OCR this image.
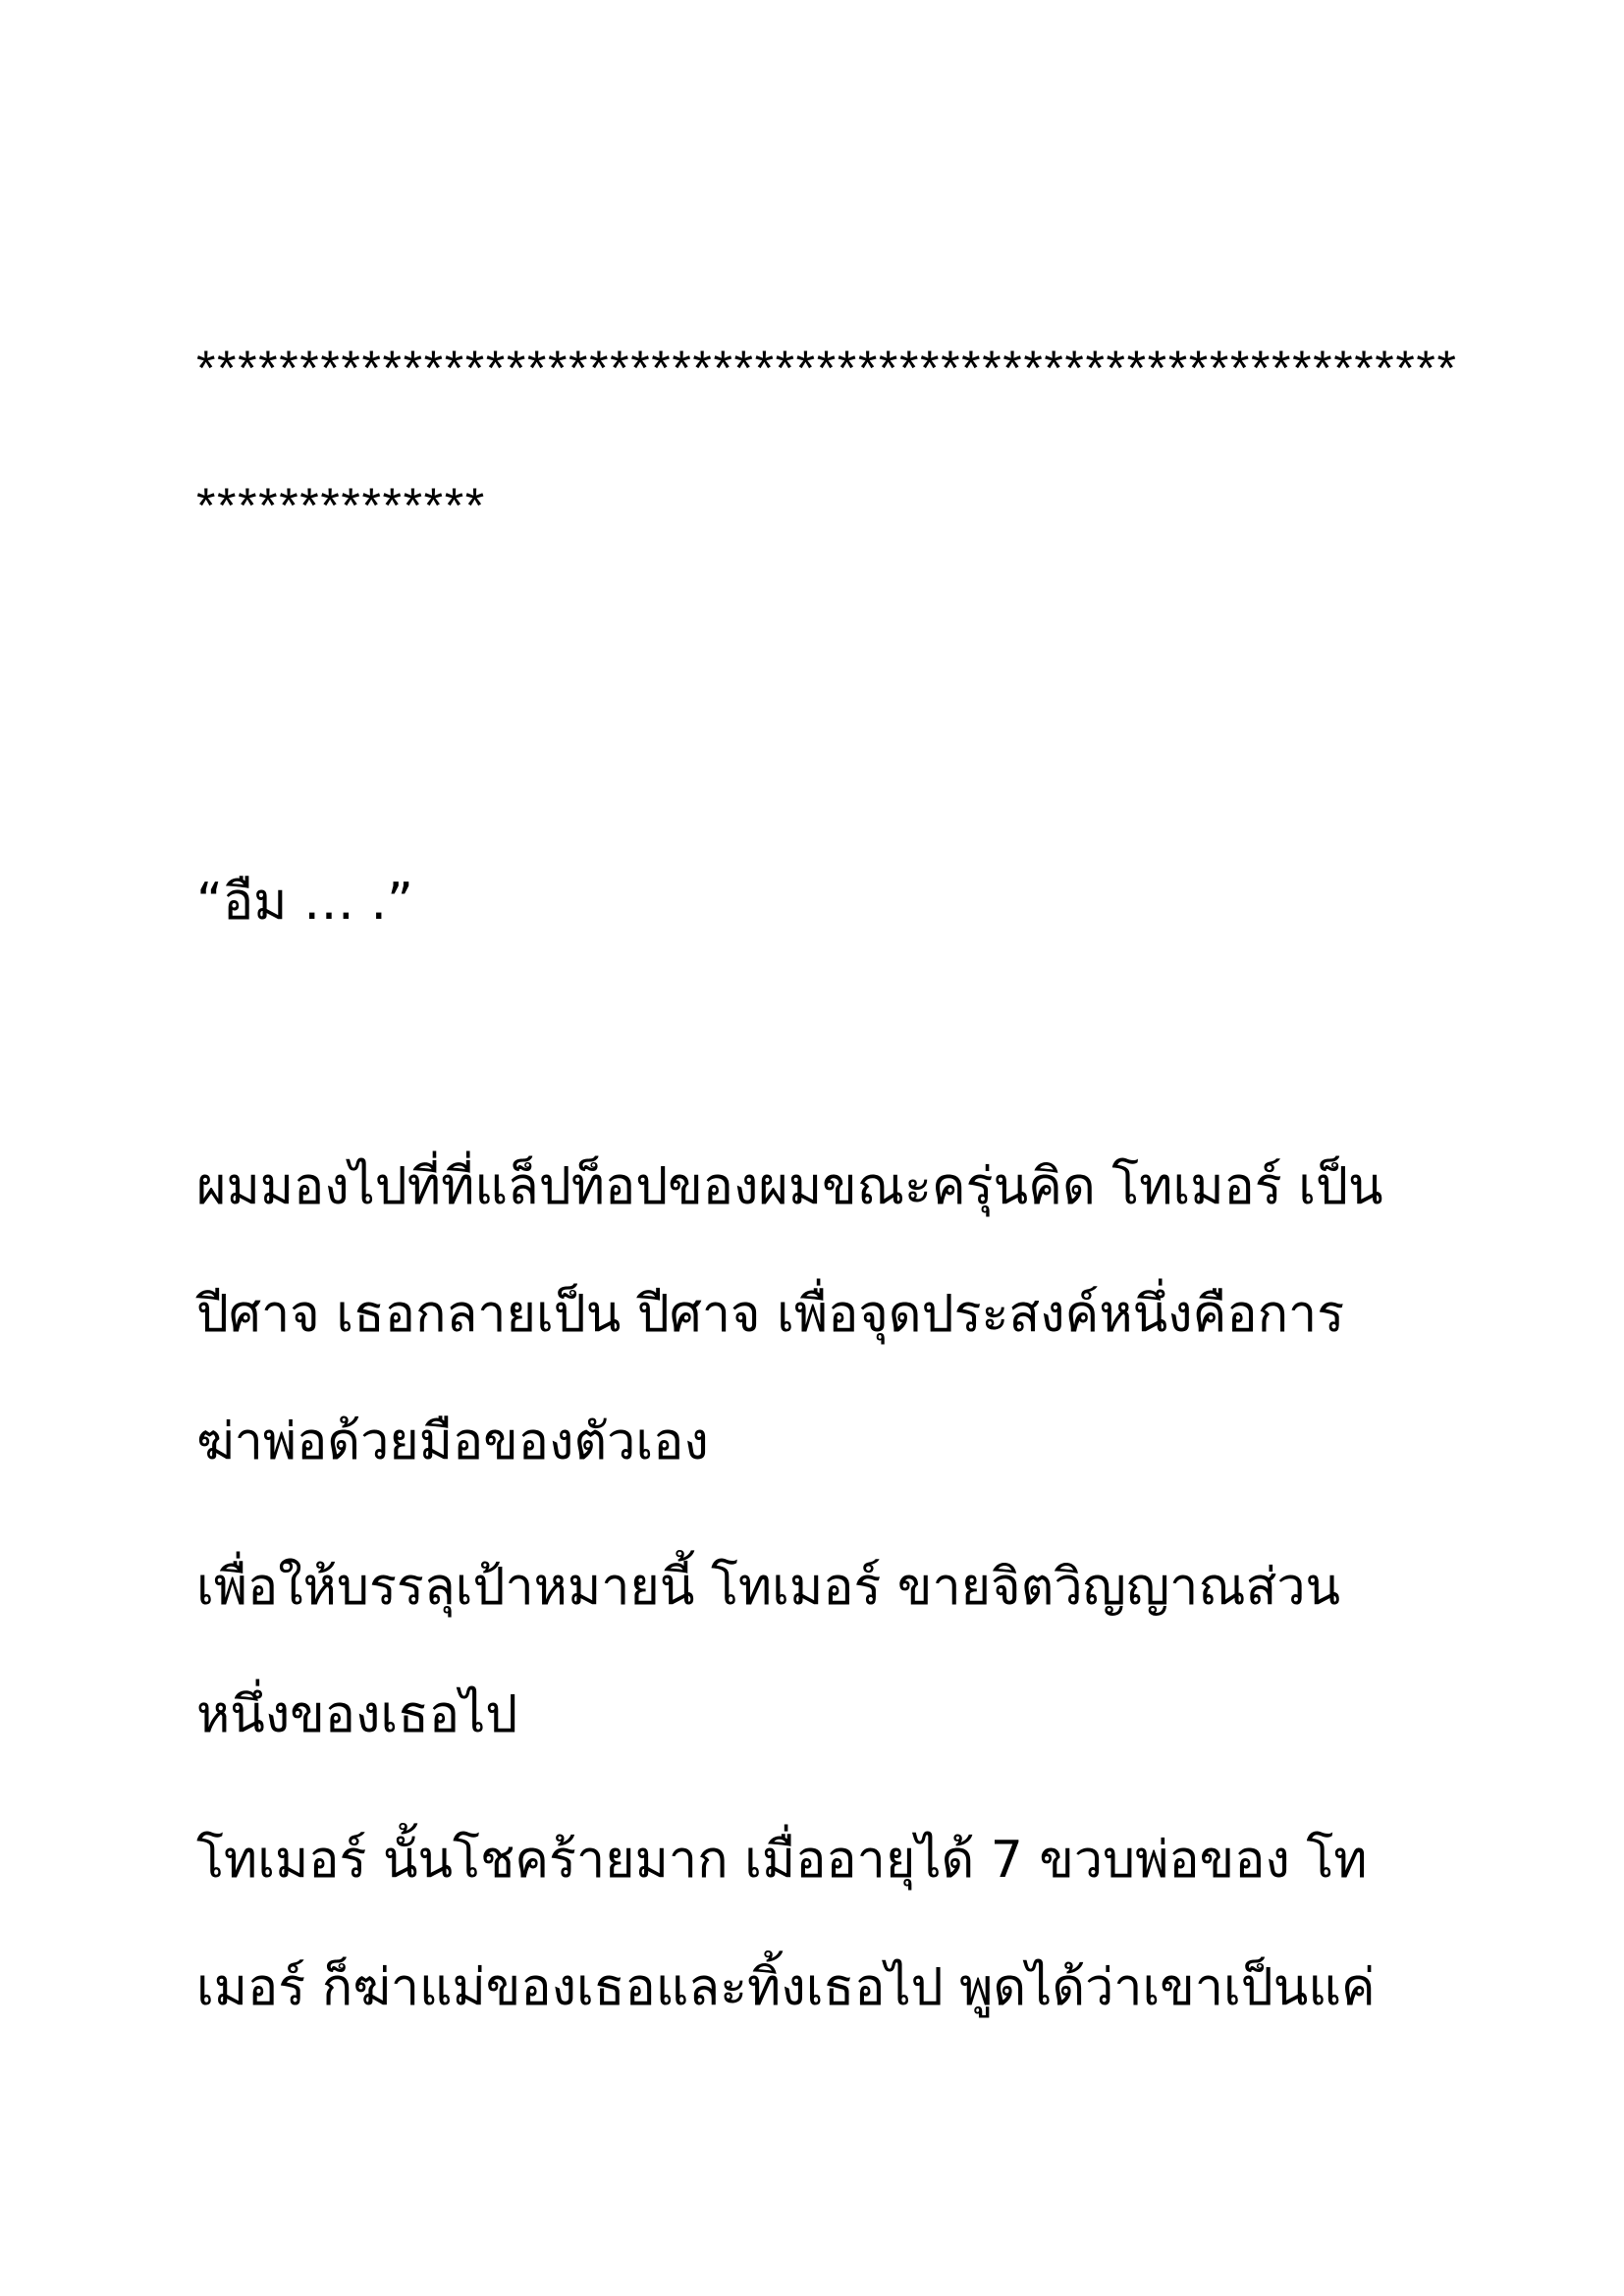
*************************************************************
**************
“อืม … .”
ผมมองไปที่ที่แล็ปท็อปของผมขณะครุ่นคิด โทเมอร์ เป็น
ปีศาจ เธอกลายเป็น ปีศาจ เพื่อจุดประสงค์หนึ่งคือการ
ฆ่าพ่อด้วยมือของตัวเอง
เพื่อให้บรรลุเป้าหมายนี้ โทเมอร์ ขายจิตวิญญาณส่วน
หนึ่งของเธอไป
โทเมอร์ นั้นโชคร้ายมาก เมื่ออายุได้ 7 ขวบพ่อของ โท
เมอร์ ก็ฆ่าแม่ของเธอและทิ้งเธอไป พูดได้ว่าเขาเป็นแค่
